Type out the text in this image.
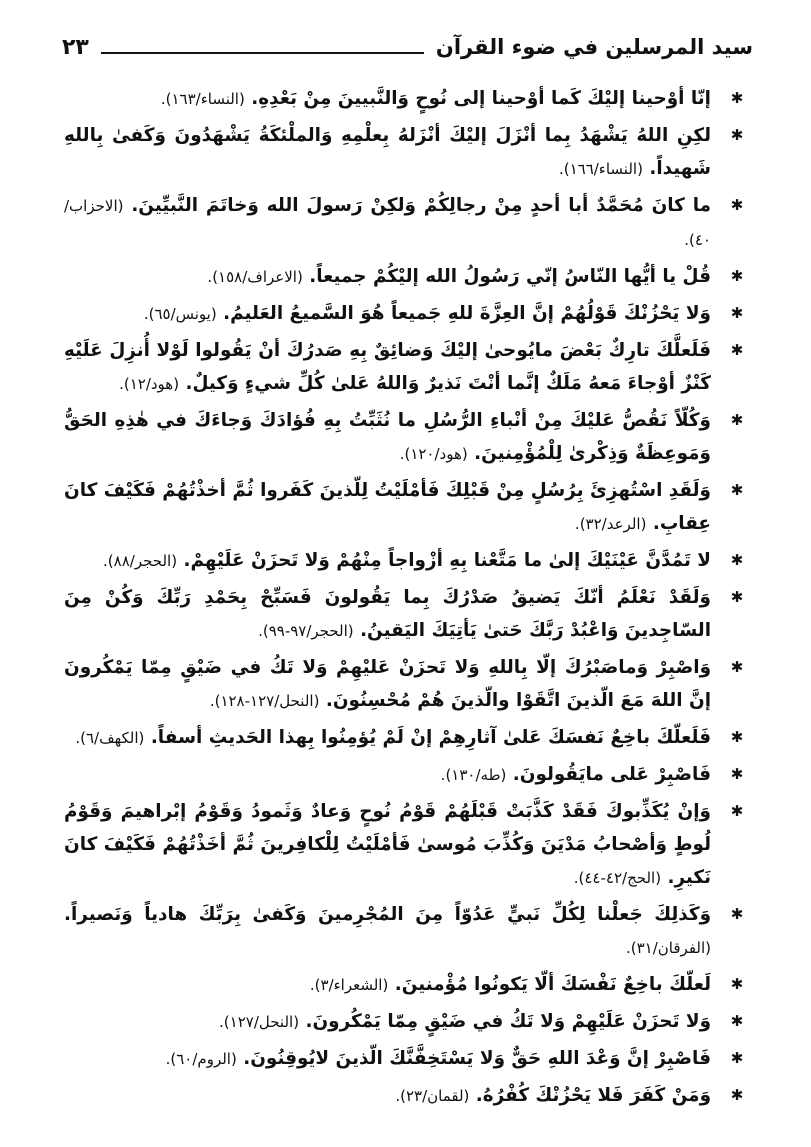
سيد المرسلين في ضوء القرآن
٢٣
✱
إنّا أوْحينا إليْكَ كَما أوْحينا إلى نُوحٍ وَالنَّبيينَ مِنْ بَعْدِهِ. (النساء/١٦٣).
✱
لكِنِ اللهُ يَشْهَدُ بِما أنْزَلَ إليْكَ أنْزَلهُ بِعلْمِهِ وَالملْئكَةُ يَشْهَدُونَ وَكَفىٰ بِاللهِ شَهيداً. (النساء/١٦٦).
✱
ما كانَ مُحَمَّدٌ أبا أحدٍ مِنْ رجالِكُمْ وَلكِنْ رَسولَ الله وَخاتَمَ النَّبيِّينَ. (الاحزاب/٤٠).
✱
قُلْ يا أيُّها النّاسُ إنّي رَسُولُ الله إليْكُمْ جميعاً. (الاعراف/١٥٨).
✱
وَلا يَحْزُنْكَ قَوْلُهُمْ إنَّ العِزَّةَ للهِ جَميعاً هُوَ السَّميعُ العَليمُ. (يونس/٦٥).
✱
فَلَعلَّكَ تارِكٌ بَعْضَ مايُوحىٰ إليْكَ وَضائِقٌ بِهِ صَدرُكَ أنْ يَقُولوا لَوْلا أُنزِلَ عَلَيْهِ كَنْزٌ أوْجاءَ مَعهُ مَلَكٌ إنَّما أنْتَ نَذيرٌ وَاللهُ عَلىٰ كُلِّ شيءٍ وَكيلٌ. (هود/١٢).
✱
وَكُلّاً نَقُصُّ عَليْكَ مِنْ أنْباءِ الرُّسُلِ ما نُثَبِّتُ بِهِ فُؤادَكَ وَجاءَكَ في هٰذِهِ الحَقُّ وَمَوعِظَةٌ وَذِكْرىٰ لِلْمُؤْمِنينَ. (هود/١٢٠).
✱
وَلَقَدِ اسْتُهزِئَ بِرُسُلٍ مِنْ قَبْلِكَ فَأمْلَيْتُ لِلّذينَ كَفَروا ثُمَّ أخذْتُهُمْ فَكَيْفَ كانَ عِقابِ. (الرعد/٣٢).
✱
لا تَمُدَّنَّ عَيْنَيْكَ إلىٰ ما مَتَّعْنا بِهِ أزْواجاً مِنْهُمْ وَلا تَحزَنْ عَلَيْهِمْ. (الحجر/٨٨).
✱
وَلَقَدْ نَعْلَمُ أنّكَ يَضيقُ صَدْرُكَ بِما يَقُولونَ فَسَبِّحْ بِحَمْدِ رَبِّكَ وَكُنْ مِنَ السّاجِدينَ وَاعْبُدْ رَبَّكَ حَتىٰ يَأتِيَكَ اليَقينُ. (الحجر/٩٧-٩٩).
✱
وَاصْبِرْ وَماصَبْرُكَ إلّا بِاللهِ وَلا تَحزَنْ عَليْهِمْ وَلا تَكُ في ضَيْقٍ مِمّا يَمْكُرونَ إنَّ اللهَ مَعَ الّذينَ اتَّقَوْا والّذينَ هُمْ مُحْسِنُونَ. (النحل/١٢٧-١٢٨).
✱
فَلَعلّكَ باخِعٌ نَفسَكَ عَلىٰ آثارِهِمْ إنْ لَمْ يُؤمِنُوا بِهذا الحَديثِ أسفاً. (الكهف/٦).
✱
فَاصْبِرْ عَلى مايَقُولونَ. (طه/١٣٠).
✱
وَإنْ يُكَذِّبوكَ فَقَدْ كَذَّبَتْ قَبْلَهُمْ قَوْمُ نُوحٍ وَعادٌ وَثَمودُ وَقَوْمُ إبْراهيمَ وَقَوْمُ لُوطٍ وَأصْحابُ مَدْيَنَ وَكُذِّبَ مُوسىٰ فَأمْلَيْتُ لِلْكافِرينَ ثُمَّ أخَذْتُهُمْ فَكَيْفَ كانَ نَكيرِ. (الحج/٤٢-٤٤).
✱
وَكَذلِكَ جَعلْنا لِكُلِّ نَبيٍّ عَدُوّاً مِنَ المُجْرِمينَ وَكَفىٰ بِرَبِّكَ هادياً وَنَصيراً. (الفرقان/٣١).
✱
لَعلّكَ باخِعٌ نَفْسَكَ ألّا يَكونُوا مُؤْمنينَ. (الشعراء/٣).
✱
وَلا تَحزَنْ عَلَيْهِمْ وَلا تَكُ في ضَيْقٍ مِمّا يَمْكُرونَ. (النحل/١٢٧).
✱
فَاصْبِرْ إنَّ وَعْدَ اللهِ حَقٌّ وَلا يَسْتَخِفَّنَّكَ الّذينَ لايُوقِنُونَ. (الروم/٦٠).
✱
وَمَنْ كَفَرَ فَلا يَحْزُنْكَ كُفْرُهُ. (لقمان/٢٣).
